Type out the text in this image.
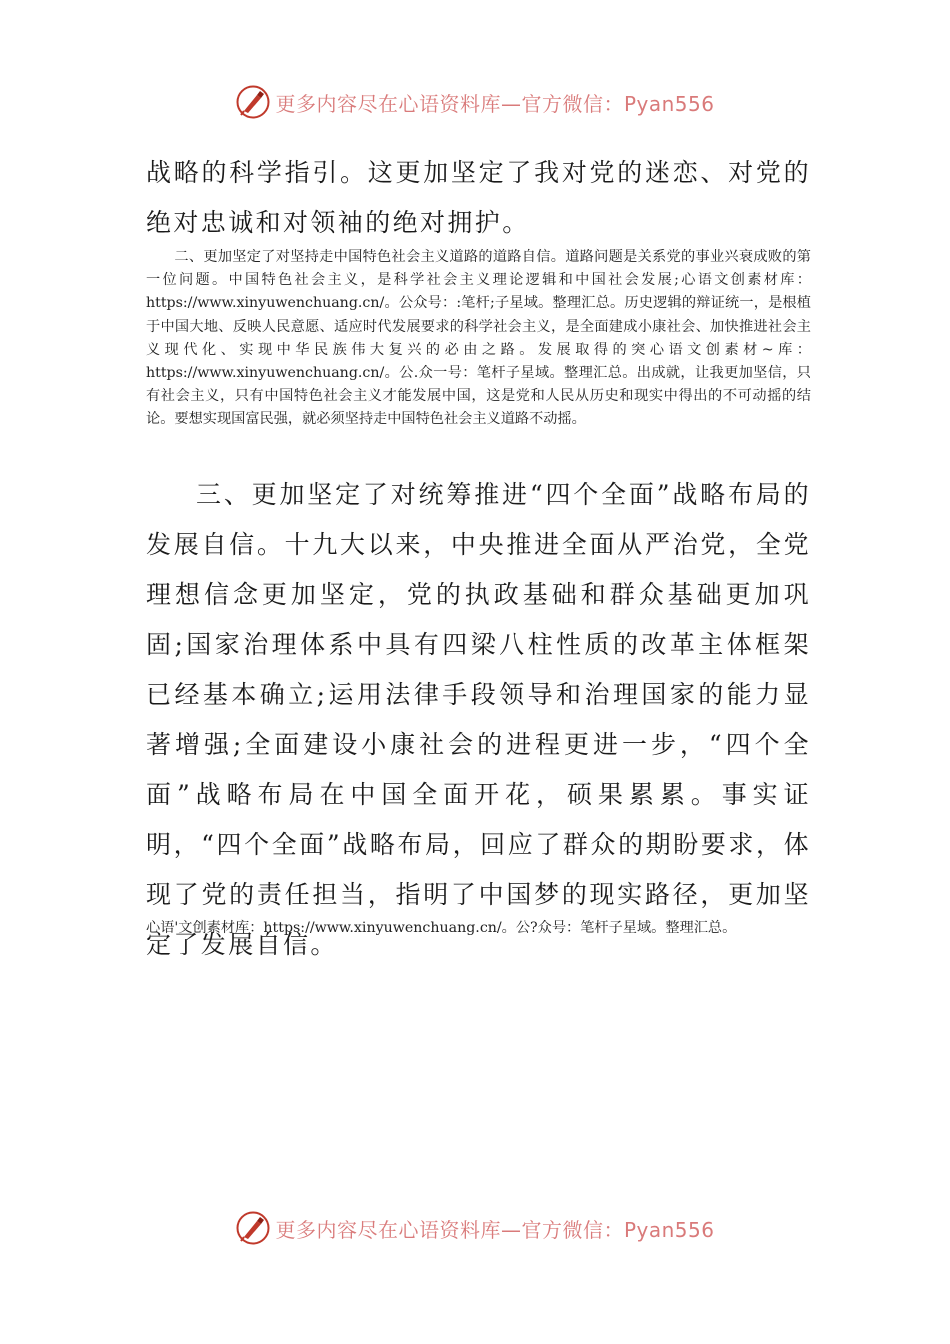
更多内容尽在心语资料库—官方微信：Pyan556

战略的科学指引。这更加坚定了我对党的迷恋、对党的绝对忠诚和对领袖的绝对拥护。

二、更加坚定了对坚持走中国特色社会主义道路的道路自信。道路问题是关系党的事业兴衰成败的第一位问题。中国特色社会主义，是科学社会主义理论逻辑和中国社会发展;心语文创素材库：https://www.xinyuwenchuang.cn/。公众号：:笔杆;子星域。整理汇总。历史逻辑的辩证统一，是根植于中国大地、反映人民意愿、适应时代发展要求的科学社会主义，是全面建成小康社会、加快推进社会主义现代化、实现中华民族伟大复兴的必由之路。发展取得的突心语文创素材~库：https://www.xinyuwenchuang.cn/。公.众一号：笔杆子星域。整理汇总。出成就，让我更加坚信，只有社会主义，只有中国特色社会主义才能发展中国，这是党和人民从历史和现实中得出的不可动摇的结论。要想实现国富民强，就必须坚持走中国特色社会主义道路不动摇。

三、更加坚定了对统筹推进“四个全面”战略布局的发展自信。十九大以来，中央推进全面从严治党，全党理想信念更加坚定，党的执政基础和群众基础更加巩固;国家治理体系中具有四梁八柱性质的改革主体框架已经基本确立;运用法律手段领导和治理国家的能力显著增强;全面建设小康社会的进程更进一步，“四个全面”战略布局在中国全面开花，硕果累累。事实证明，“四个全面”战略布局，回应了群众的期盼要求，体现了党的责任担当，指明了中国梦的现实路径，更加坚定了发展自信。

心语'文创素材库：https://www.xinyuwenchuang.cn/。公?众号：笔杆子星域。整理汇总。

更多内容尽在心语资料库—官方微信：Pyan556
